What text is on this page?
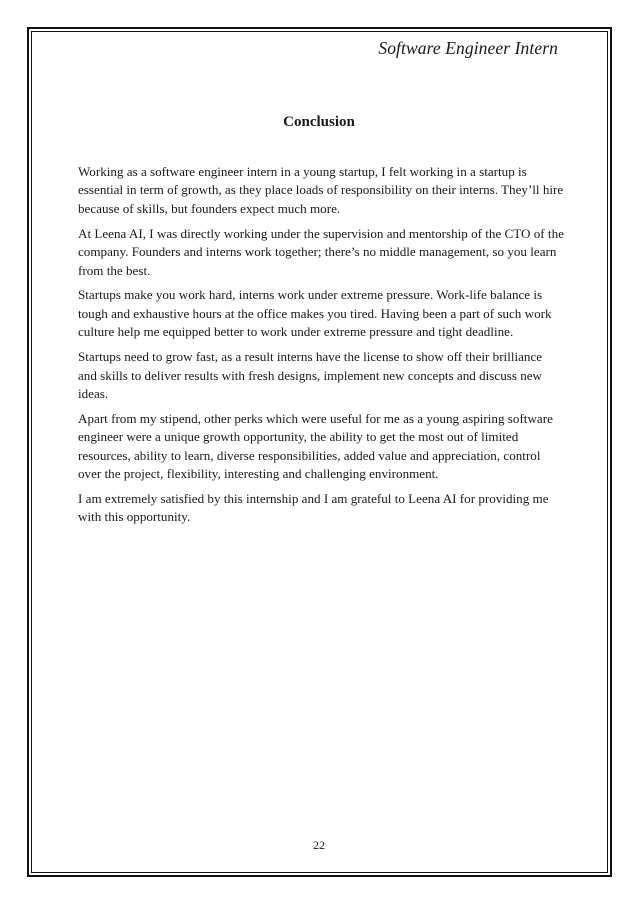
Software Engineer Intern
Conclusion

Working as a software engineer intern in a young startup, I felt working in a startup is essential in term of growth, as they place loads of responsibility on their interns. They’ll hire because of skills, but founders expect much more.

At Leena AI, I was directly working under the supervision and mentorship of the CTO of the company. Founders and interns work together; there’s no middle management, so you learn from the best.

Startups make you work hard, interns work under extreme pressure. Work-life balance is tough and exhaustive hours at the office makes you tired. Having been a part of such work culture help me equipped better to work under extreme pressure and tight deadline.

Startups need to grow fast, as a result interns have the license to show off their brilliance and skills to deliver results with fresh designs, implement new concepts and discuss new ideas.

Apart from my stipend, other perks which were useful for me as a young aspiring software engineer were a unique growth opportunity, the ability to get the most out of limited resources, ability to learn, diverse responsibilities, added value and appreciation, control over the project, flexibility, interesting and challenging environment.

I am extremely satisfied by this internship and I am grateful to Leena AI for providing me with this opportunity.

22
